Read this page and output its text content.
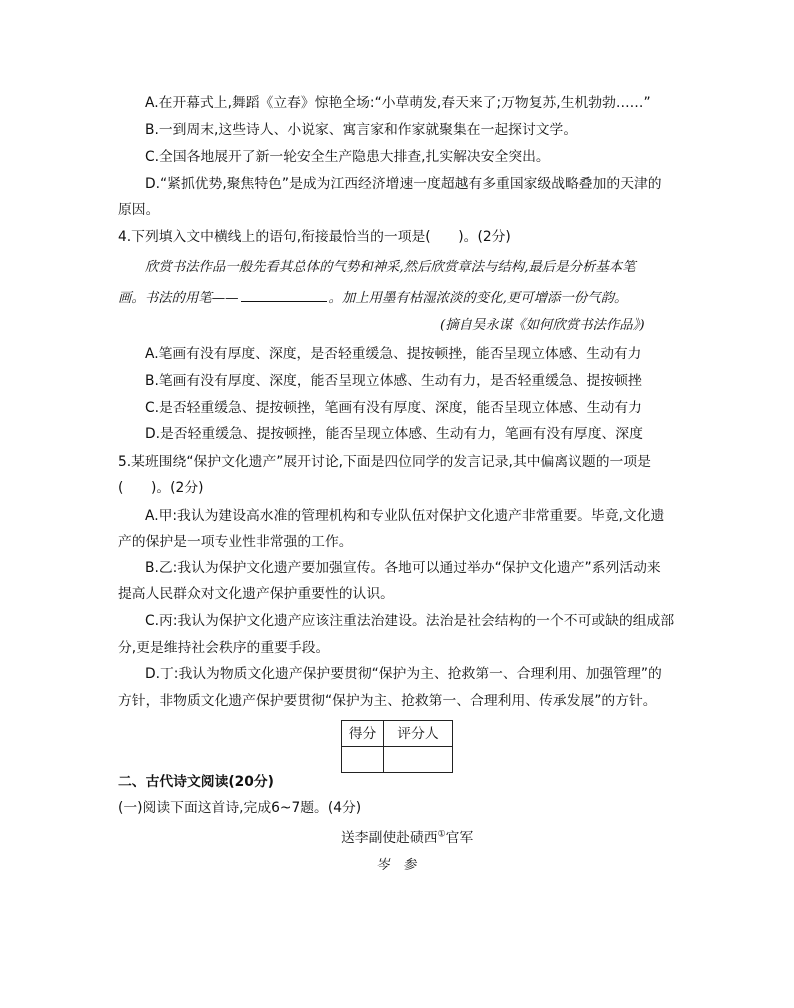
A.在开幕式上,舞蹈《立春》惊艳全场:“小草萌发,春天来了;万物复苏,生机勃勃……”
B.一到周末,这些诗人、小说家、寓言家和作家就聚集在一起探讨文学。
C.全国各地展开了新一轮安全生产隐患大排查,扎实解决安全突出。
D.“紧抓优势,聚焦特色”是成为江西经济增速一度超越有多重国家级战略叠加的天津的
原因。
4.下列填入文中横线上的语句,衔接最恰当的一项是(　　)。(2分)
欣赏书法作品一般先看其总体的气势和神采,然后欣赏章法与结构,最后是分析基本笔
画。书法的用笔——	。加上用墨有枯湿浓淡的变化,更可增添一份气韵。
(摘自吴永谋《如何欣赏书法作品》)
A.笔画有没有厚度、深度，是否轻重缓急、提按顿挫，能否呈现立体感、生动有力
B.笔画有没有厚度、深度，能否呈现立体感、生动有力，是否轻重缓急、提按顿挫
C.是否轻重缓急、提按顿挫，笔画有没有厚度、深度，能否呈现立体感、生动有力
D.是否轻重缓急、提按顿挫，能否呈现立体感、生动有力，笔画有没有厚度、深度
5.某班围绕“保护文化遗产”展开讨论,下面是四位同学的发言记录,其中偏离议题的一项是
(　　)。(2分)
A.甲:我认为建设高水准的管理机构和专业队伍对保护文化遗产非常重要。毕竟,文化遗
产的保护是一项专业性非常强的工作。
B.乙:我认为保护文化遗产要加强宣传。各地可以通过举办“保护文化遗产”系列活动来
提高人民群众对文化遗产保护重要性的认识。
C.丙:我认为保护文化遗产应该注重法治建设。法治是社会结构的一个不可或缺的组成部
分,更是维持社会秩序的重要手段。
D.丁:我认为物质文化遗产保护要贯彻“保护为主、抢救第一、合理利用、加强管理”的
方针，非物质文化遗产保护要贯彻“保护为主、抢救第一、合理利用、传承发展”的方针。
得分	评分人

二、古代诗文阅读(20分)
(一)阅读下面这首诗,完成6~7题。(4分)
送李副使赴碛西①官军
岑　参
